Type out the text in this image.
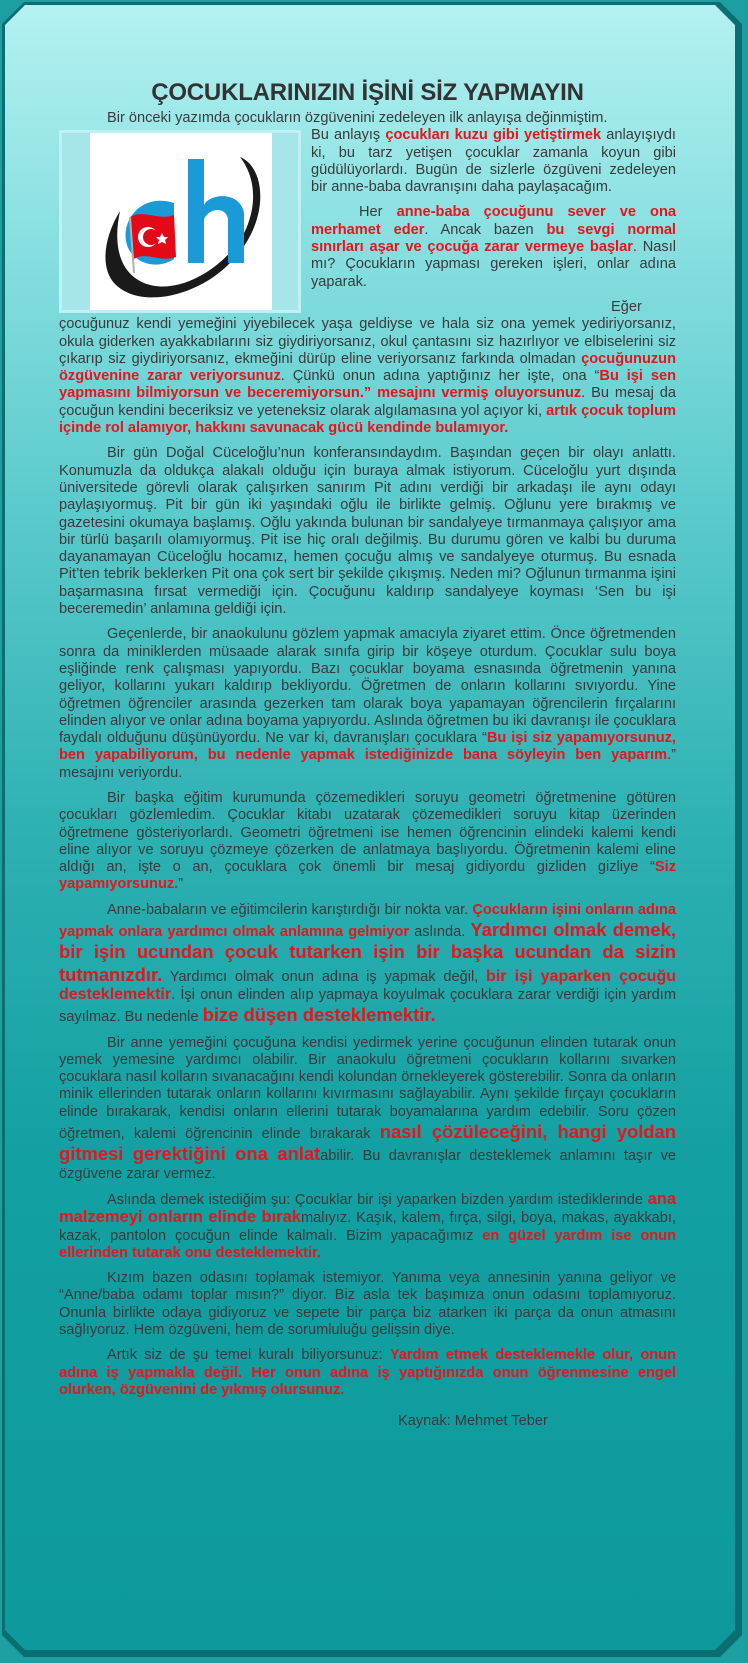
ÇOCUKLARINIZIN İŞİNİ SİZ YAPMAYIN

Bir önceki yazımda çocukların özgüvenini zedeleyen ilk anlayışa değinmiştim.

Bu anlayış çocukları kuzu gibi yetiştirmek anlayışıydı ki, bu tarz yetişen çocuklar zamanla koyun gibi güdülüyorlardı. Bugün de sizlerle özgüveni zedeleyen bir anne-baba davranışını daha paylaşacağım.

Her anne-baba çocuğunu sever ve ona merhamet eder. Ancak bazen bu sevgi normal sınırları aşar ve çocuğa zarar vermeye başlar. Nasıl mı? Çocukların yapması gereken işleri, onlar adına yaparak.

Eğer çocuğunuz kendi yemeğini yiyebilecek yaşa geldiyse ve hala siz ona yemek yediriyorsanız, okula giderken ayakkabılarını siz giydiriyorsanız, okul çantasını siz hazırlıyor ve elbiselerini siz çıkarıp siz giydiriyorsanız, ekmeğini dürüp eline veriyorsanız farkında olmadan çocuğunuzun özgüvenine zarar veriyorsunuz. Çünkü onun adına yaptığınız her işte, ona “Bu işi sen yapmasını bilmiyorsun ve beceremiyorsun.” mesajını vermiş oluyorsunuz. Bu mesaj da çocuğun kendini beceriksiz ve yeteneksiz olarak algılamasına yol açıyor ki, artık çocuk toplum içinde rol alamıyor, hakkını savunacak gücü kendinde bulamıyor.

Bir gün Doğal Cüceloğlu’nun konferansındaydım. Başından geçen bir olayı anlattı. Konumuzla da oldukça alakalı olduğu için buraya almak istiyorum. Cüceloğlu yurt dışında üniversitede görevli olarak çalışırken sanırım Pit adını verdiği bir arkadaşı ile aynı odayı paylaşıyormuş. Pit bir gün iki yaşındaki oğlu ile birlikte gelmiş. Oğlunu yere bırakmış ve gazetesini okumaya başlamış. Oğlu yakında bulunan bir sandalyeye tırmanmaya çalışıyor ama bir türlü başarılı olamıyormuş. Pit ise hiç oralı değilmiş. Bu durumu gören ve kalbi bu duruma dayanamayan Cüceloğlu hocamız, hemen çocuğu almış ve sandalyeye oturmuş. Bu esnada Pit’ten tebrik beklerken Pit ona çok sert bir şekilde çıkışmış. Neden mi? Oğlunun tırmanma işini başarmasına fırsat vermediği için. Çocuğunu kaldırıp sandalyeye koyması ‘Sen bu işi beceremedin’ anlamına geldiği için.

Geçenlerde, bir anaokulunu gözlem yapmak amacıyla ziyaret ettim. Önce öğretmenden sonra da miniklerden müsaade alarak sınıfa girip bir köşeye oturdum. Çocuklar sulu boya eşliğinde renk çalışması yapıyordu. Bazı çocuklar boyama esnasında öğretmenin yanına geliyor, kollarını yukarı kaldırıp bekliyordu. Öğretmen de onların kollarını sıvıyordu. Yine öğretmen öğrenciler arasında gezerken tam olarak boya yapamayan öğrencilerin fırçalarını elinden alıyor ve onlar adına boyama yapıyordu. Aslında öğretmen bu iki davranışı ile çocuklara faydalı olduğunu düşünüyordu. Ne var ki, davranışları çocuklara “Bu işi siz yapamıyorsunuz, ben yapabiliyorum, bu nedenle yapmak istediğinizde bana söyleyin ben yaparım.” mesajını veriyordu.

Bir başka eğitim kurumunda çözemedikleri soruyu geometri öğretmenine götüren çocukları gözlemledim. Çocuklar kitabı uzatarak çözemedikleri soruyu kitap üzerinden öğretmene gösteriyorlardı. Geometri öğretmeni ise hemen öğrencinin elindeki kalemi kendi eline alıyor ve soruyu çözmeye çözerken de anlatmaya başlıyordu. Öğretmenin kalemi eline aldığı an, işte o an, çocuklara çok önemli bir mesaj gidiyordu gizliden gizliye “Siz yapamıyorsunuz.”

Anne-babaların ve eğitimcilerin karıştırdığı bir nokta var. Çocukların işini onların adına yapmak onlara yardımcı olmak anlamına gelmiyor aslında. Yardımcı olmak demek, bir işin ucundan çocuk tutarken işin bir başka ucundan da sizin tutmanızdır. Yardımcı olmak onun adına iş yapmak değil, bir işi yaparken çocuğu desteklemektir. İşi onun elinden alıp yapmaya koyulmak çocuklara zarar verdiği için yardım sayılmaz. Bu nedenle bize düşen desteklemektir.

Bir anne yemeğini çocuğuna kendisi yedirmek yerine çocuğunun elinden tutarak onun yemek yemesine yardımcı olabilir. Bir anaokulu öğretmeni çocukların kollarını sıvarken çocuklara nasıl kolların sıvanacağını kendi kolundan örnekleyerek gösterebilir. Sonra da onların minik ellerinden tutarak onların kollarını kıvırmasını sağlayabilir. Aynı şekilde fırçayı çocukların elinde bırakarak, kendisi onların ellerini tutarak boyamalarına yardım edebilir. Soru çözen öğretmen, kalemi öğrencinin elinde bırakarak nasıl çözüleceğini, hangi yoldan gitmesi gerektiğini ona anlatabilir. Bu davranışlar desteklemek anlamını taşır ve özgüvene zarar vermez.

Aslında demek istediğim şu: Çocuklar bir işi yaparken bizden yardım istediklerinde ana malzemeyi onların elinde bırakmalıyız. Kaşık, kalem, fırça, silgi, boya, makas, ayakkabı, kazak, pantolon çocuğun elinde kalmalı. Bizim yapacağımız en güzel yardım ise onun ellerinden tutarak onu desteklemektir.

Kızım bazen odasını toplamak istemiyor. Yanıma veya annesinin yanına geliyor ve “Anne/baba odamı toplar mısın?” diyor. Biz asla tek başımıza onun odasını toplamıyoruz. Onunla birlikte odaya gidiyoruz ve sepete bir parça biz atarken iki parça da onun atmasını sağlıyoruz. Hem özgüveni, hem de sorumluluğu gelişsin diye.

Artık siz de şu temel kuralı biliyorsunuz: Yardım etmek desteklemekle olur, onun adına iş yapmakla değil. Her onun adına iş yaptığınızda onun öğrenmesine engel olurken, özgüvenini de yıkmış olursunuz.

Kaynak: Mehmet Teber
